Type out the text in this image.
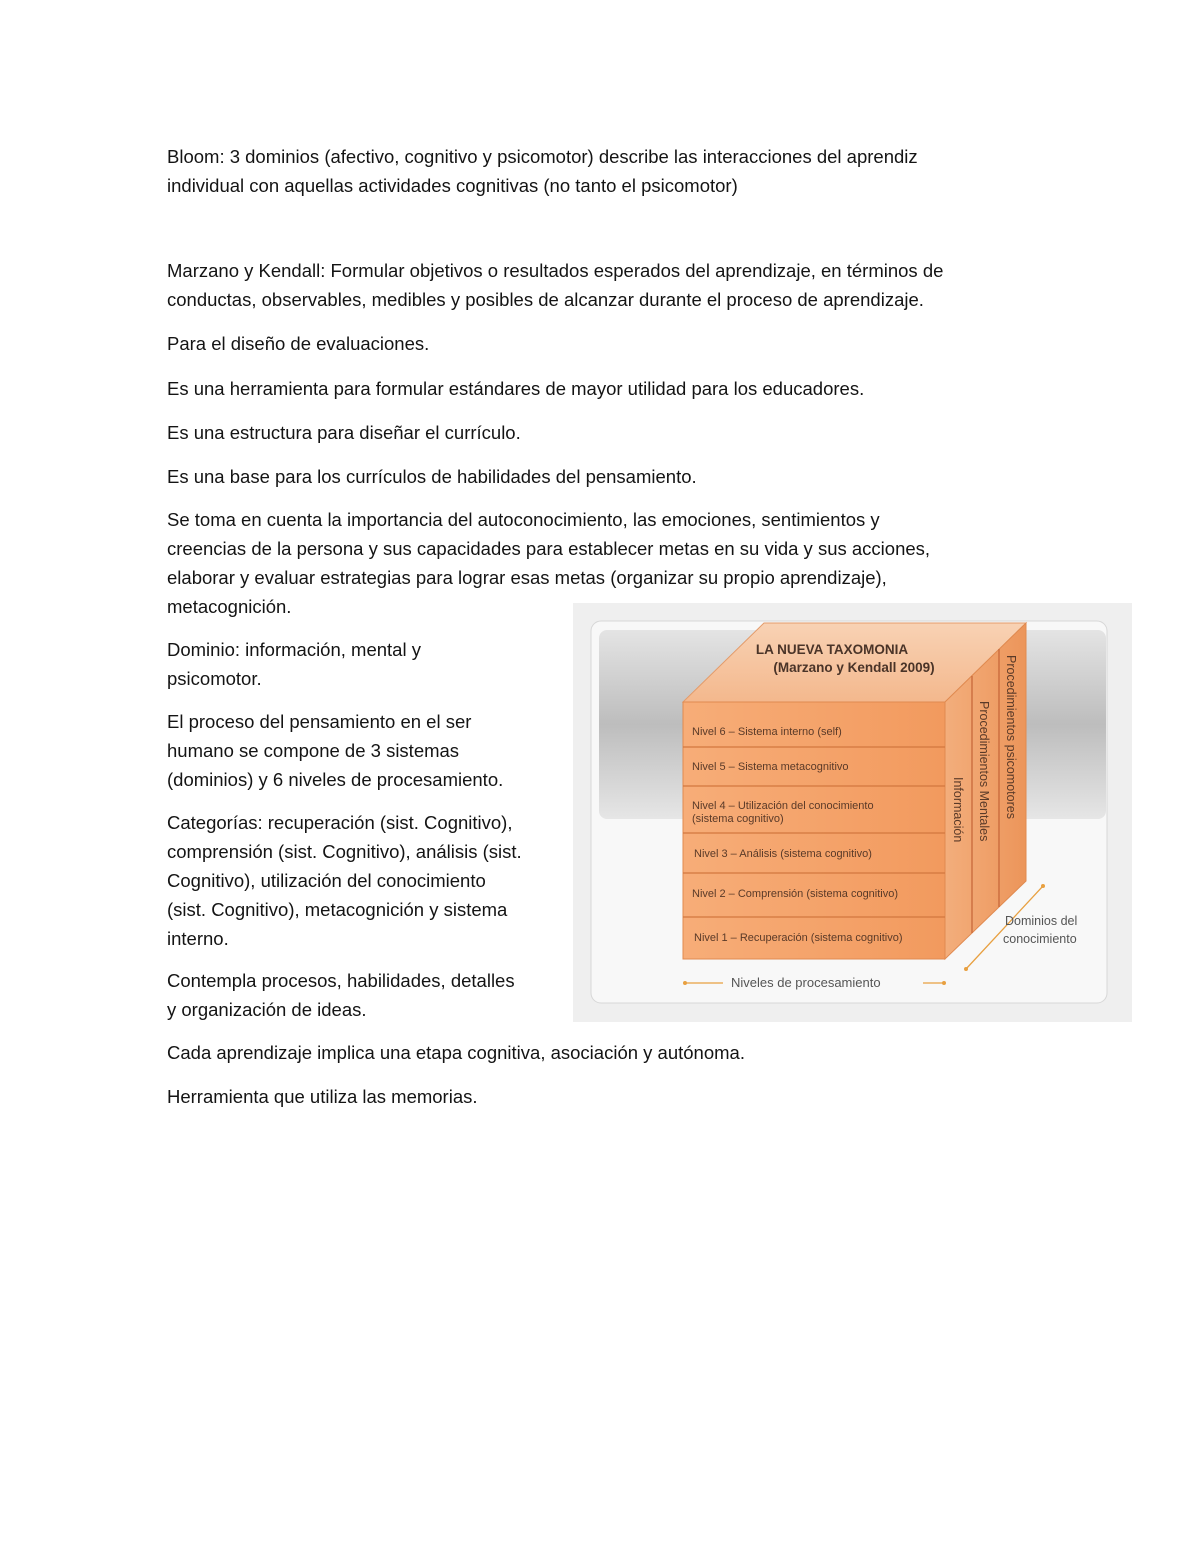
Bloom: 3 dominios (afectivo, cognitivo y psicomotor) describe las interacciones del aprendiz
individual con aquellas actividades cognitivas (no tanto el psicomotor)
Marzano y Kendall: Formular objetivos o resultados esperados del aprendizaje, en términos de
conductas, observables, medibles y posibles de alcanzar durante el proceso de aprendizaje.
Para el diseño de evaluaciones.
Es una herramienta para formular estándares de mayor utilidad para los educadores.
Es una estructura para diseñar el currículo.
Es una base para los currículos de habilidades del pensamiento.
Se toma en cuenta la importancia del autoconocimiento, las emociones, sentimientos y
creencias de la persona y sus capacidades para establecer metas en su vida y sus acciones,
elaborar y evaluar estrategias para lograr esas metas (organizar su propio aprendizaje),
metacognición.
Dominio: información, mental y
psicomotor.
El proceso del pensamiento en el ser
humano se compone de 3 sistemas
(dominios) y 6 niveles de procesamiento.
Categorías: recuperación (sist. Cognitivo),
comprensión (sist. Cognitivo), análisis (sist.
Cognitivo), utilización del conocimiento
(sist. Cognitivo), metacognición y sistema
interno.
Contempla procesos, habilidades, detalles
y organización de ideas.
Cada aprendizaje implica una etapa cognitiva, asociación y autónoma.
Herramienta que utiliza las memorias.
LA NUEVA TAXOMONIA
(Marzano y Kendall 2009)
Nivel 6 – Sistema interno (self)
Nivel 5 – Sistema metacognitivo
Nivel 4 – Utilización del conocimiento
(sistema cognitivo)
Nivel 3 – Análisis (sistema cognitivo)
Nivel 2 – Comprensión (sistema cognitivo)
Nivel 1 – Recuperación (sistema cognitivo)
Información Procedimientos Mentales Procedimientos psicomotores
Dominios del
conocimiento
Niveles de procesamiento
